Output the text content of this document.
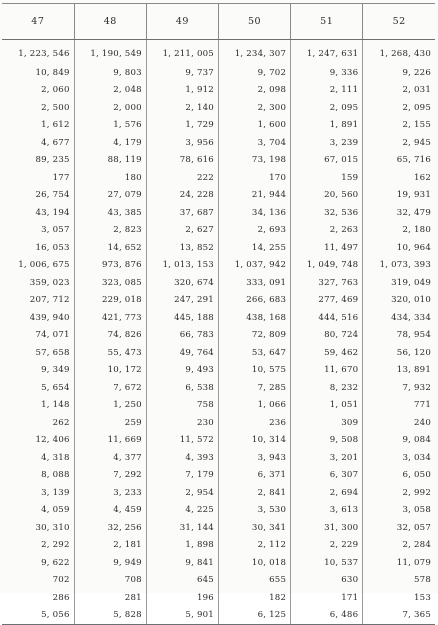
47	48	49	50	51	52
1, 223, 546	1, 190, 549	1, 211, 005	1, 234, 307	1, 247, 631	1, 268, 430
10, 849	9, 803	9, 737	9, 702	9, 336	9, 226
2, 060	2, 048	1, 912	2, 098	2, 111	2, 031
2, 500	2, 000	2, 140	2, 300	2, 095	2, 095
1, 612	1, 576	1, 729	1, 600	1, 891	2, 155
4, 677	4, 179	3, 956	3, 704	3, 239	2, 945
89, 235	88, 119	78, 616	73, 198	67, 015	65, 716
177	180	222	170	159	162
26, 754	27, 079	24, 228	21, 944	20, 560	19, 931
43, 194	43, 385	37, 687	34, 136	32, 536	32, 479
3, 057	2, 823	2, 627	2, 693	2, 263	2, 180
16, 053	14, 652	13, 852	14, 255	11, 497	10, 964
1, 006, 675	973, 876	1, 013, 153	1, 037, 942	1, 049, 748	1, 073, 393
359, 023	323, 085	320, 674	333, 091	327, 763	319, 049
207, 712	229, 018	247, 291	266, 683	277, 469	320, 010
439, 940	421, 773	445, 188	438, 168	444, 516	434, 334
74, 071	74, 826	66, 783	72, 809	80, 724	78, 954
57, 658	55, 473	49, 764	53, 647	59, 462	56, 120
9, 349	10, 172	9, 493	10, 575	11, 670	13, 891
5, 654	7, 672	6, 538	7, 285	8, 232	7, 932
1, 148	1, 250	758	1, 066	1, 051	771
262	259	230	236	309	240
12, 406	11, 669	11, 572	10, 314	9, 508	9, 084
4, 318	4, 377	4, 393	3, 943	3, 201	3, 034
8, 088	7, 292	7, 179	6, 371	6, 307	6, 050
3, 139	3, 233	2, 954	2, 841	2, 694	2, 992
4, 059	4, 459	4, 225	3, 530	3, 613	3, 058
30, 310	32, 256	31, 144	30, 341	31, 300	32, 057
2, 292	2, 181	1, 898	2, 112	2, 229	2, 284
9, 622	9, 949	9, 841	10, 018	10, 537	11, 079
702	708	645	655	630	578
286	281	196	182	171	153
5, 056	5, 828	5, 901	6, 125	6, 486	7, 365
